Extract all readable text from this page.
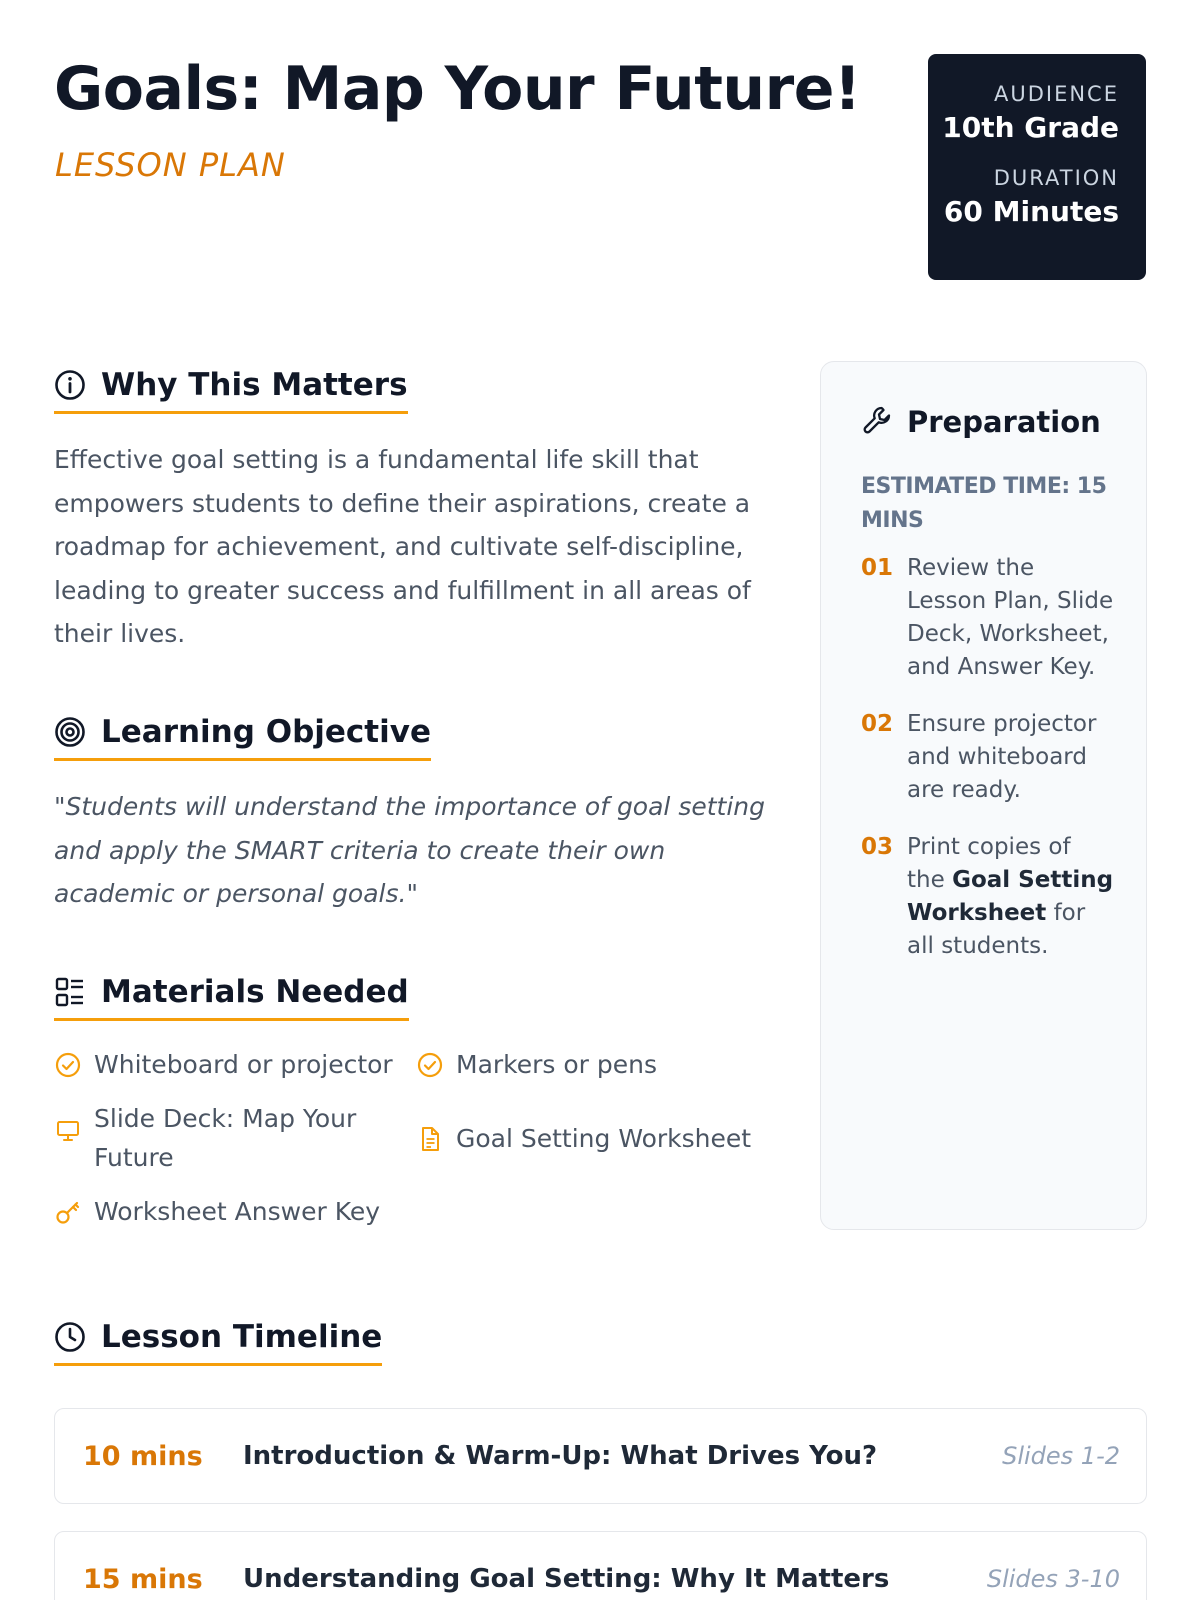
Goals: Map Your Future!
LESSON PLAN
AUDIENCE
10th Grade
DURATION
60 Minutes
Why This Matters
Effective goal setting is a fundamental life skill that empowers students to define their aspirations, create a roadmap for achievement, and cultivate self-discipline, leading to greater success and fulfillment in all areas of their lives.
Learning Objective
"Students will understand the importance of goal setting and apply the SMART criteria to create their own academic or personal goals."
Materials Needed
Whiteboard or projector	Markers or pens
Slide Deck: Map Your Future
Goal Setting Worksheet
Worksheet Answer Key
Preparation
ESTIMATED TIME: 15 MINS
01 Review the Lesson Plan, Slide Deck, Worksheet, and Answer Key.
02 Ensure projector and whiteboard are ready.
03 Print copies of the Goal Setting Worksheet for all students.
Lesson Timeline
10 mins	Introduction & Warm-Up: What Drives You?	Slides 1-2
15 mins	Understanding Goal Setting: Why It Matters	Slides 3-10
